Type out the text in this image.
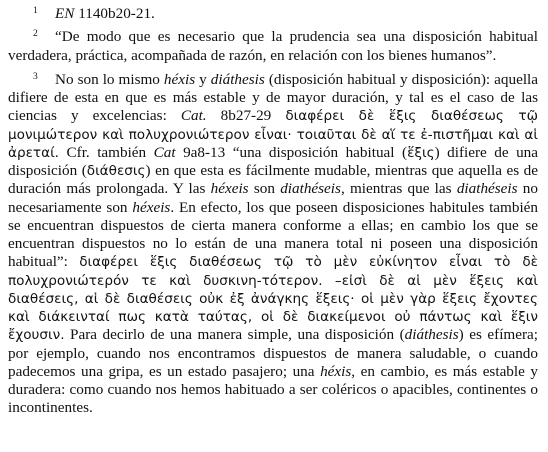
1 EN 1140b20-21.

2 “De modo que es necesario que la prudencia sea una disposición habitual verdadera, práctica, acompañada de razón, en relación con los bienes humanos”.

3 No son lo mismo héxis y diáthesis (disposición habitual y disposición): aquella difiere de esta en que es más estable y de mayor duración, y tal es el caso de las ciencias y excelencias: Cat. 8b27-29 διαφέρει δὲ ἕξις διαθέσεως τῷ μονιμώτερον καὶ πολυχρονιώτερον εἶναι· τοιαῦται δὲ αἵ τε ἐ-πιστῆμαι καὶ αἱ ἀρεταί. Cfr. también Cat 9a8-13 “una disposición habitual (ἕξις) difiere de una disposición (διάθεσις) en que esta es fácilmente mudable, mientras que aquella es de duración más prolongada. Y las héxeis son diathéseis, mientras que las diathéseis no necesariamente son héxeis. En efecto, los que poseen disposiciones habitules también se encuentran dispuestos de cierta manera conforme a ellas; en cambio los que se encuentran dispuestos no lo están de una manera total ni poseen una disposición habitual”: διαφέρει ἕξις διαθέσεως τῷ τὸ μὲν εὐκίνητον εἶναι τὸ δὲ πολυχρονιώτερόν τε καὶ δυσκινη-τότερον. –εἰσὶ δὲ αἱ μὲν ἕξεις καὶ διαθέσεις, αἱ δὲ διαθέσεις οὐκ ἐξ ἀνάγκης ἕξεις· οἱ μὲν γὰρ ἕξεις ἔχοντες καὶ διάκεινταί πως κατὰ ταύτας, οἱ δὲ διακείμενοι οὐ πάντως καὶ ἕξιν ἔχουσιν. Para decirlo de una manera simple, una disposición (diáthesis) es efímera; por ejemplo, cuando nos encontramos dispuestos de manera saludable, o cuando padecemos una gripa, es un estado pasajero; una héxis, en cambio, es más estable y duradera: como cuando nos hemos habituado a ser coléricos o apacibles, continentes o incontinentes.
